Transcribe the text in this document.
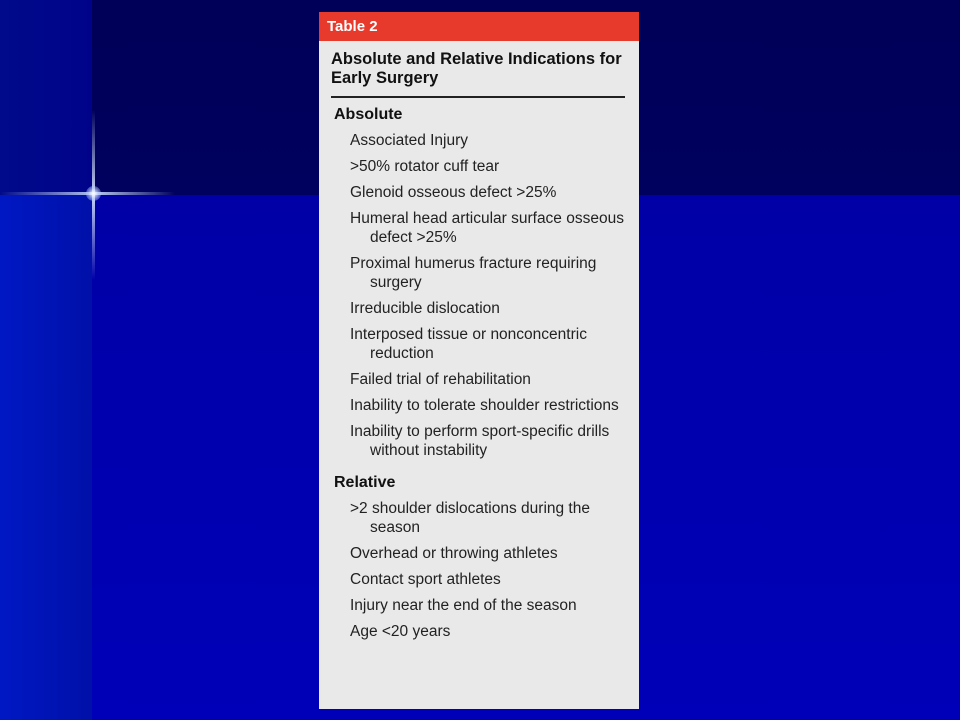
Table 2
Absolute and Relative Indications for Early Surgery
Absolute
Associated Injury
>50% rotator cuff tear
Glenoid osseous defect >25%
Humeral head articular surface osseous defect >25%
Proximal humerus fracture requiring surgery
Irreducible dislocation
Interposed tissue or nonconcentric reduction
Failed trial of rehabilitation
Inability to tolerate shoulder restrictions
Inability to perform sport-specific drills without instability
Relative
>2 shoulder dislocations during the season
Overhead or throwing athletes
Contact sport athletes
Injury near the end of the season
Age <20 years
